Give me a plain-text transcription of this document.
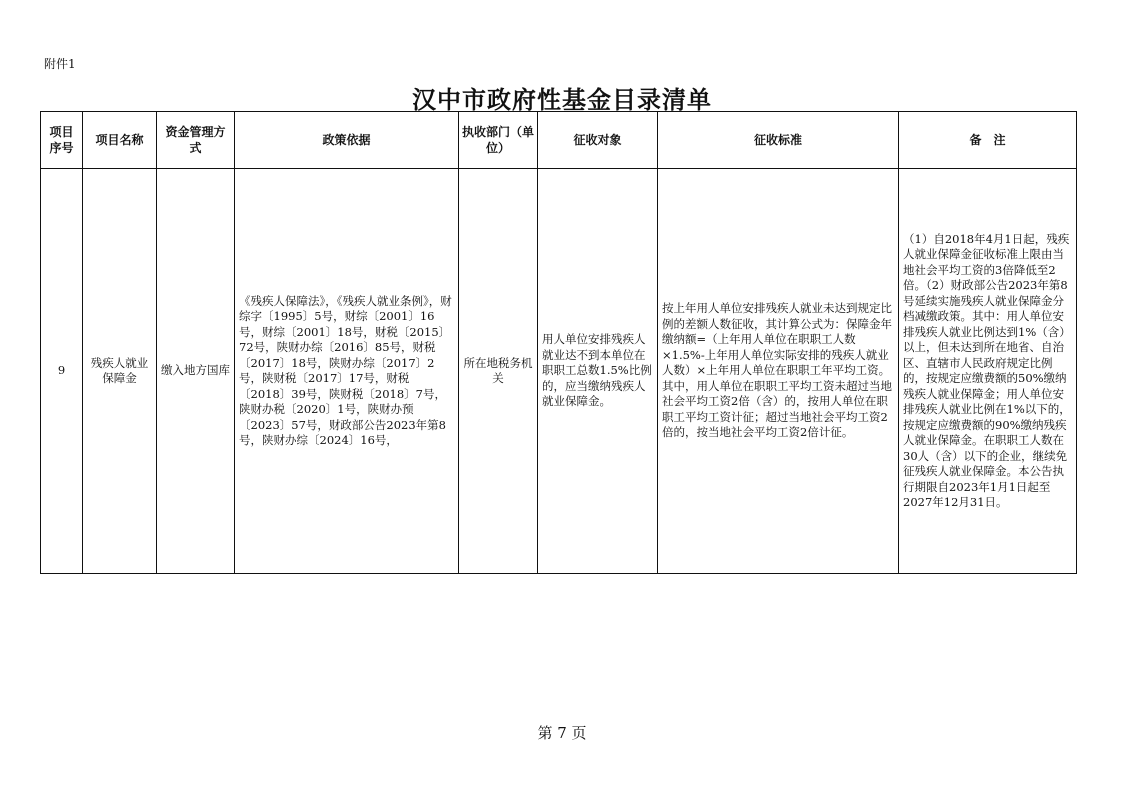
附件1
汉中市政府性基金目录清单
项目序号	项目名称	资金管理方式	政策依据	执收部门（单位）	征收对象	征收标准	备　注
9	残疾人就业保障金	缴入地方国库	《残疾人保障法》，《残疾人就业条例》，财综字〔1995〕5号，财综〔2001〕16号，财综〔2001〕18号，财税〔2015〕72号，陕财办综〔2016〕85号，财税〔2017〕18号，陕财办综〔2017〕2号，陕财税〔2017〕17号，财税〔2018〕39号，陕财税〔2018〕7号，陕财办税〔2020〕1号，陕财办预〔2023〕57号，财政部公告2023年第8号，陕财办综〔2024〕16号，	所在地税务机关	用人单位安排残疾人就业达不到本单位在职职工总数1.5%比例的，应当缴纳残疾人就业保障金。	按上年用人单位安排残疾人就业未达到规定比例的差额人数征收，其计算公式为：保障金年缴纳额=（上年用人单位在职职工人数×1.5%-上年用人单位实际安排的残疾人就业人数）×上年用人单位在职职工年平均工资。其中，用人单位在职职工平均工资未超过当地社会平均工资2倍（含）的，按用人单位在职职工平均工资计征；超过当地社会平均工资2倍的，按当地社会平均工资2倍计征。	（1）自2018年4月1日起，残疾人就业保障金征收标准上限由当地社会平均工资的3倍降低至2倍。（2）财政部公告2023年第8号延续实施残疾人就业保障金分档减缴政策。其中：用人单位安排残疾人就业比例达到1%（含）以上，但未达到所在地省、自治区、直辖市人民政府规定比例的，按规定应缴费额的50%缴纳残疾人就业保障金；用人单位安排残疾人就业比例在1%以下的，按规定应缴费额的90%缴纳残疾人就业保障金。在职职工人数在30人（含）以下的企业，继续免征残疾人就业保障金。本公告执行期限自2023年1月1日起至2027年12月31日。
第 7 页
